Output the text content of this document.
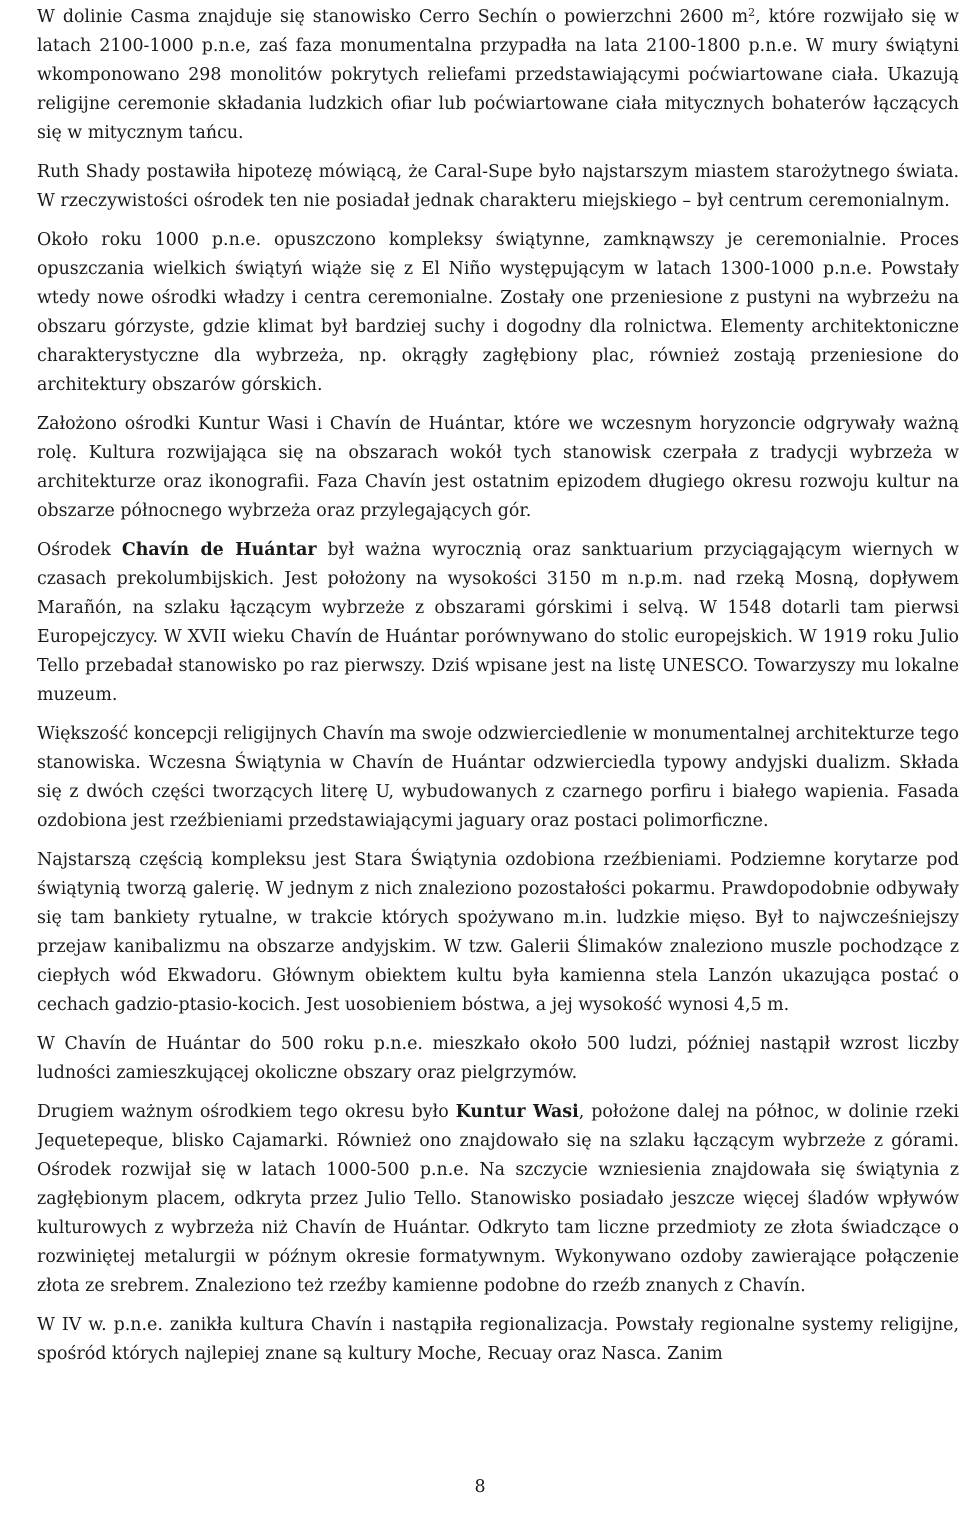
W dolinie Casma znajduje się stanowisko Cerro Sechín o powierzchni 2600 $m^2$, które rozwijało się w latach 2100-1000 p.n.e, zaś faza monumentalna przypadła na lata 2100-1800 p.n.e. W mury świątyni wkomponowano 298 monolitów pokrytych reliefami przedstawiającymi poćwiartowane ciała. Ukazują religijne ceremonie składania ludzkich ofiar lub poćwiartowane ciała mitycznych bohaterów łączących się w mitycznym tańcu.

Ruth Shady postawiła hipotezę mówiącą, że Caral-Supe było najstarszym miastem starożytnego świata. W rzeczywistości ośrodek ten nie posiadał jednak charakteru miejskiego – był centrum ceremonialnym.

Około roku 1000 p.n.e. opuszczono kompleksy świątynne, zamknąwszy je ceremonialnie. Proces opuszczania wielkich świątyń wiąże się z El Niño występującym w latach 1300-1000 p.n.e. Powstały wtedy nowe ośrodki władzy i centra ceremonialne. Zostały one przeniesione z pustyni na wybrzeżu na obszaru górzyste, gdzie klimat był bardziej suchy i dogodny dla rolnictwa. Elementy architektoniczne charakterystyczne dla wybrzeża, np. okrągły zagłębiony plac, również zostają przeniesione do architektury obszarów górskich.

Założono ośrodki Kuntur Wasi i Chavín de Huántar, które we wczesnym horyzoncie odgrywały ważną rolę. Kultura rozwijająca się na obszarach wokół tych stanowisk czerpała z tradycji wybrzeża w architekturze oraz ikonografii. Faza Chavín jest ostatnim epizodem długiego okresu rozwoju kultur na obszarze północnego wybrzeża oraz przylegających gór.

Ośrodek Chavín de Huántar był ważna wyrocznią oraz sanktuarium przyciągającym wiernych w czasach prekolumbijskich. Jest położony na wysokości 3150 m n.p.m. nad rzeką Mosną, dopływem Marañón, na szlaku łączącym wybrzeże z obszarami górskimi i selvą. W 1548 dotarli tam pierwsi Europejczycy. W XVII wieku Chavín de Huántar porównywano do stolic europejskich. W 1919 roku Julio Tello przebadał stanowisko po raz pierwszy. Dziś wpisane jest na listę UNESCO. Towarzyszy mu lokalne muzeum.

Większość koncepcji religijnych Chavín ma swoje odzwierciedlenie w monumentalnej architekturze tego stanowiska. Wczesna Świątynia w Chavín de Huántar odzwierciedla typowy andyjski dualizm. Składa się z dwóch części tworzących literę U, wybudowanych z czarnego porfiru i białego wapienia. Fasada ozdobiona jest rzeźbieniami przedstawiającymi jaguary oraz postaci polimorficzne.

Najstarszą częścią kompleksu jest Stara Świątynia ozdobiona rzeźbieniami. Podziemne korytarze pod świątynią tworzą galerię. W jednym z nich znaleziono pozostałości pokarmu. Prawdopodobnie odbywały się tam bankiety rytualne, w trakcie których spożywano m.in. ludzkie mięso. Był to najwcześniejszy przejaw kanibalizmu na obszarze andyjskim. W tzw. Galerii Ślimaków znaleziono muszle pochodzące z ciepłych wód Ekwadoru. Głównym obiektem kultu była kamienna stela Lanzón ukazująca postać o cechach gadzio-ptasio-kocich. Jest uosobieniem bóstwa, a jej wysokość wynosi 4,5 m.

W Chavín de Huántar do 500 roku p.n.e. mieszkało około 500 ludzi, później nastąpił wzrost liczby ludności zamieszkującej okoliczne obszary oraz pielgrzymów.

Drugiem ważnym ośrodkiem tego okresu było Kuntur Wasi, położone dalej na północ, w dolinie rzeki Jequetepeque, blisko Cajamarki. Również ono znajdowało się na szlaku łączącym wybrzeże z górami. Ośrodek rozwijał się w latach 1000-500 p.n.e. Na szczycie wzniesienia znajdowała się świątynia z zagłębionym placem, odkryta przez Julio Tello. Stanowisko posiadało jeszcze więcej śladów wpływów kulturowych z wybrzeża niż Chavín de Huántar. Odkryto tam liczne przedmioty ze złota świadczące o rozwiniętej metalurgii w późnym okresie formatywnym. Wykonywano ozdoby zawierające połączenie złota ze srebrem. Znaleziono też rzeźby kamienne podobne do rzeźb znanych z Chavín.

W IV w. p.n.e. zanikła kultura Chavín i nastąpiła regionalizacja. Powstały regionalne systemy religijne, spośród których najlepiej znane są kultury Moche, Recuay oraz Nasca. Zanim

8
